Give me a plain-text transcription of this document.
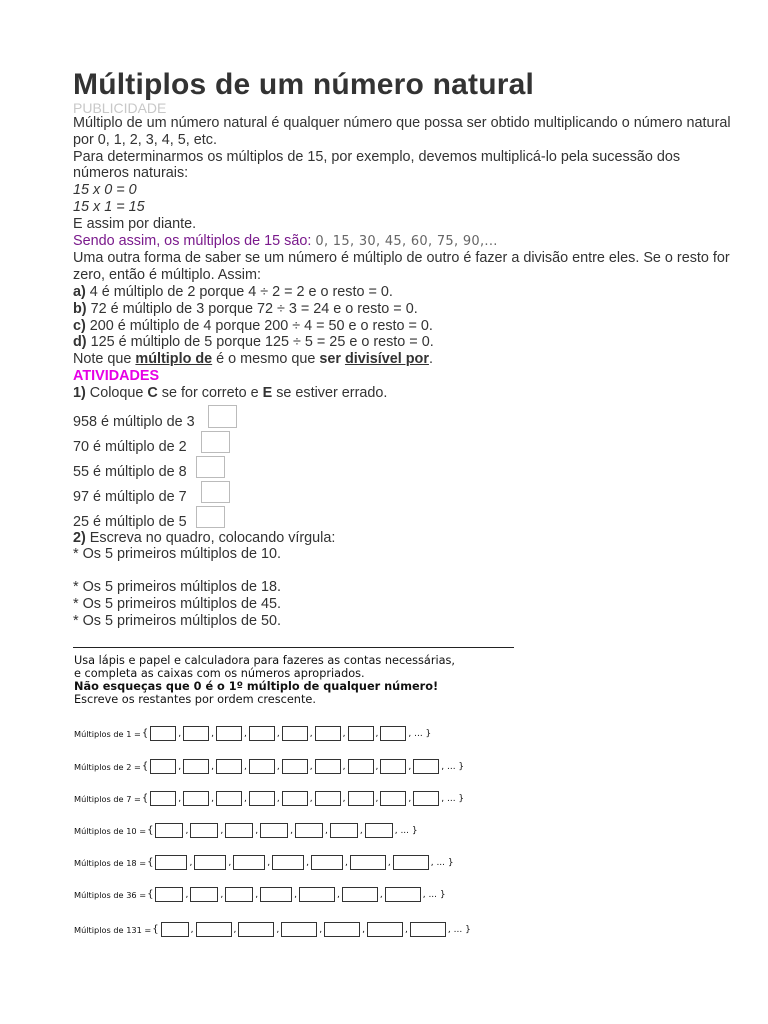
Múltiplos de um número natural
PUBLICIDADE
Múltiplo de um número natural é qualquer número que possa ser obtido multiplicando o número natural por 0, 1, 2, 3, 4, 5, etc.
Para determinarmos os múltiplos de 15, por exemplo, devemos multiplicá-lo pela sucessão dos números naturais:
15 x 0 = 0
15 x 1 = 15
E assim por diante.
Sendo assim, os múltiplos de 15 são: 0, 15, 30, 45, 60, 75, 90,...
Uma outra forma de saber se um número é múltiplo de outro é fazer a divisão entre eles. Se o resto for zero, então é múltiplo. Assim:
a) 4 é múltiplo de 2 porque 4 ÷ 2 = 2 e o resto = 0.
b) 72 é múltiplo de 3 porque 72 ÷ 3 = 24 e o resto = 0.
c) 200 é múltiplo de 4 porque 200 ÷ 4 = 50 e o resto = 0.
d) 125 é múltiplo de 5 porque 125 ÷ 5 = 25 e o resto = 0.
Note que múltiplo de é o mesmo que ser divisível por.
ATIVIDADES
1) Coloque C se for correto e E se estiver errado.
958 é múltiplo de 3
70 é múltiplo de 2
55 é múltiplo de 8
97 é múltiplo de 7
25 é múltiplo de 5
2) Escreva no quadro, colocando vírgula:
* Os 5 primeiros múltiplos de 10.
* Os 5 primeiros múltiplos de 18.
* Os 5 primeiros múltiplos de 45.
* Os 5 primeiros múltiplos de 50.
Usa lápis e papel e calculadora para fazeres as contas necessárias,
e completa as caixas com os números apropriados.
Não esqueças que 0 é o 1º múltiplo de qualquer número!
Escreve os restantes por ordem crescente.
Múltiplos de 1 ={	,	,	,	,	,	,	,	, ... }
Múltiplos de 2 ={	,	,	,	,	,	,	,	,	, ... }
Múltiplos de 7 ={	,	,	,	,	,	,	,	,	, ... }
Múltiplos de 10 ={	,	,	,	,	,	,	, ... }
Múltiplos de 18 ={	,	,	,	,	,	,	, ... }
Múltiplos de 36 ={	,	,	,	,	,	,	, ... }
Múltiplos de 131 ={	,	,	,	,	,	,	, ... }
